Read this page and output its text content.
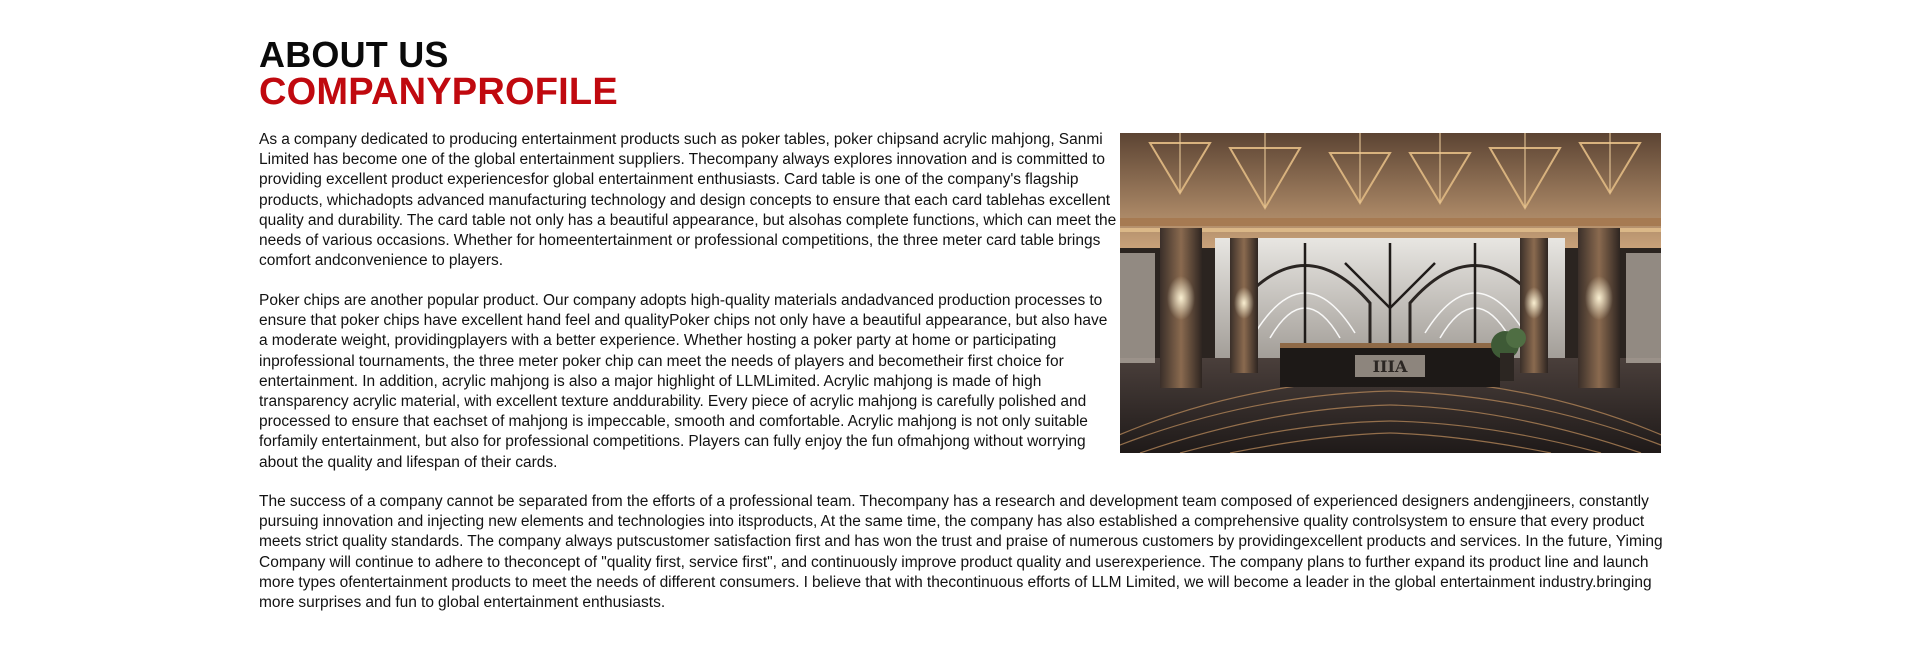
ABOUT US
COMPANYPROFILE

As a company dedicated to producing entertainment products such as poker tables, poker chipsand acrylic mahjong, Sanmi Limited has become one of the global entertainment suppliers. Thecompany always explores innovation and is committed to providing excellent product experiencesfor global entertainment enthusiasts. Card table is one of the company's flagship products, whichadopts advanced manufacturing technology and design concepts to ensure that each card tablehas excellent quality and durability. The card table not only has a beautiful appearance, but alsohas complete functions, which can meet the needs of various occasions. Whether for homeentertainment or professional competitions, the three meter card table brings comfort andconvenience to players.

Poker chips are another popular product. Our company adopts high-quality materials andadvanced production processes to ensure that poker chips have excellent hand feel and qualityPoker chips not only have a beautiful appearance, but also have a moderate weight, providingplayers with a better experience. Whether hosting a poker party at home or participating inprofessional tournaments, the three meter poker chip can meet the needs of players and becometheir first choice for entertainment. In addition, acrylic mahjong is also a major highlight of LLMLimited. Acrylic mahjong is made of high transparency acrylic material, with excellent texture anddurability. Every piece of acrylic mahjong is carefully polished and processed to ensure that eachset of mahjong is impeccable, smooth and comfortable. Acrylic mahjong is not only suitable forfamily entertainment, but also for professional competitions. Players can fully enjoy the fun ofmahjong without worrying about the quality and lifespan of their cards.

The success of a company cannot be separated from the efforts of a professional team. Thecompany has a research and development team composed of experienced designers andengjineers, constantly pursuing innovation and injecting new elements and technologies into itsproducts, At the same time, the company has also established a comprehensive quality controlsystem to ensure that every product meets strict quality standards. The company always putscustomer satisfaction first and has won the trust and praise of numerous customers by providingexcellent products and services. In the future, Yiming Company will continue to adhere to theconcept of "quality first, service first", and continuously improve product quality and userexperience. The company plans to further expand its product line and launch more types ofentertainment products to meet the needs of different consumers. I believe that with thecontinuous efforts of LLM Limited, we will become a leader in the global entertainment industry.bringing more surprises and fun to global entertainment enthusiasts.

IIIA
